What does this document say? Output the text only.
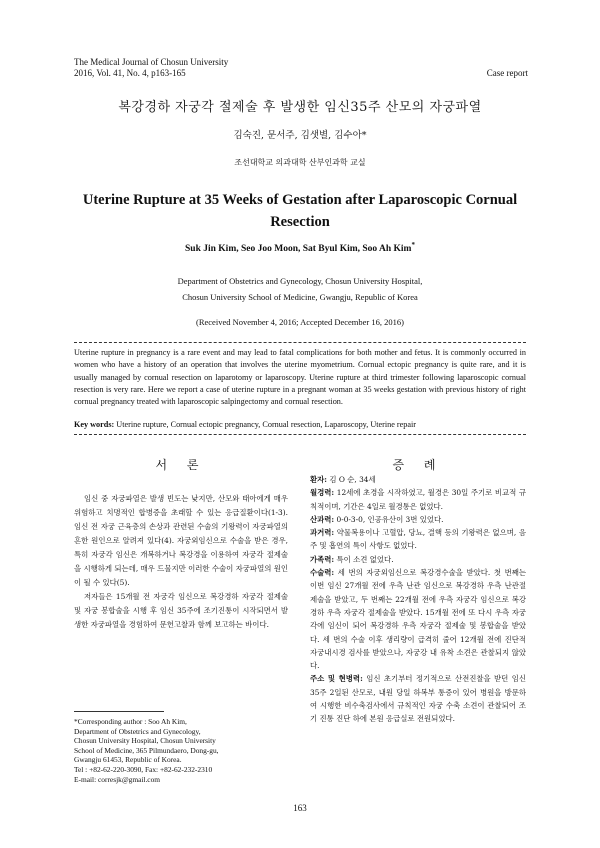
The Medical Journal of Chosun University
2016, Vol. 41, No. 4, p163-165	Case report
복강경하 자궁각 절제술 후 발생한 임신35주 산모의 자궁파열
김숙진, 문서주, 김샛별, 김수아*
조선대학교 의과대학 산부인과학 교실
Uterine Rupture at 35 Weeks of Gestation after Laparoscopic Cornual Resection
Suk Jin Kim, Seo Joo Moon, Sat Byul Kim, Soo Ah Kim*
Department of Obstetrics and Gynecology, Chosun University Hospital,
Chosun University School of Medicine, Gwangju, Republic of Korea
(Received November 4, 2016; Accepted December 16, 2016)
Uterine rupture in pregnancy is a rare event and may lead to fatal complications for both mother and fetus. It is commonly occurred in women who have a history of an operation that involves the uterine myometrium. Cornual ectopic pregnancy is quite rare, and it is usually managed by cornual resection on laparotomy or laparoscopy. Uterine rupture at third trimester following laparoscopic cornual resection is very rare. Here we report a case of uterine rupture in a pregnant woman at 35 weeks gestation with previous history of right cornual pregnancy treated with laparoscopic salpingectomy and cornual resection.
Key words: Uterine rupture, Cornual ectopic pregnancy, Cornual resection, Laparoscopy, Uterine repair
서 론

임신 중 자궁파열은 발생 빈도는 낮지만, 산모와 태아에게 매우 위험하고 치명적인 합병증을 초래할 수 있는 응급질환이다(1-3). 임신 전 자궁 근육층의 손상과 관련된 수술의 기왕력이 자궁파열의 흔한 원인으로 알려져 있다(4). 자궁외임신으로 수술을 받은 경우, 특히 자궁각 임신은 개복하거나 복강경을 이용하여 자궁각 절제술을 시행하게 되는데, 매우 드물지만 이러한 수술이 자궁파열의 원인이 될 수 있다(5).

저자들은 15개월 전 자궁각 임신으로 복강경하 자궁각 절제술 및 자궁 봉합술을 시행 후 임신 35주에 조기진통이 시작되면서 발생한 자궁파열을 경험하여 문헌고찰과 함께 보고하는 바이다.

증 례

환자: 김 O 순, 34세

월경력: 12세에 초경을 시작하였고, 월경은 30일 주기로 비교적 규칙적이며, 기간은 4일로 월경통은 없었다.

산과력: 0-0-3-0, 인공유산이 3번 있었다.

과거력: 약물복용이나 고혈압, 당뇨, 결핵 등의 기왕력은 없으며, 음주 및 흡연의 특이 사항도 없었다.

가족력: 특이 소견 없었다.

수술력: 세 번의 자궁외임신으로 복강경수술을 받았다. 첫 번째는 이번 임신 27개월 전에 우측 난관 임신으로 복강경하 우측 난관절제술을 받았고, 두 번째는 22개월 전에 우측 자궁각 임신으로 복강경하 우측 자궁각 절제술을 받았다. 15개월 전에 또 다시 우측 자궁각에 임신이 되어 복강경하 우측 자궁각 절제술 및 봉합술을 받았다. 세 번의 수술 이후 생리량이 급격히 줄어 12개월 전에 진단적 자궁내시경 검사를 받았으나, 자궁강 내 유착 소견은 관찰되지 않았다.

주소 및 현병력: 임신 초기부터 정기적으로 산전진찰을 받던 임신 35주 2일된 산모로, 내원 당일 하복부 통증이 있어 병원을 방문하여 시행한 비수축검사에서 규칙적인 자궁 수축 소견이 관찰되어 조기 진통 진단 하에 본원 응급실로 전원되었다.

*Corresponding author : Soo Ah Kim,
Department of Obstetrics and Gynecology,
Chosun University Hospital, Chosun University
School of Medicine, 365 Pilmundaero, Dong-gu,
Gwangju 61453, Republic of Korea.
Tel : +82-62-220-3090, Fax: +82-62-232-2310
E-mail: corresjk@gmail.com
163
